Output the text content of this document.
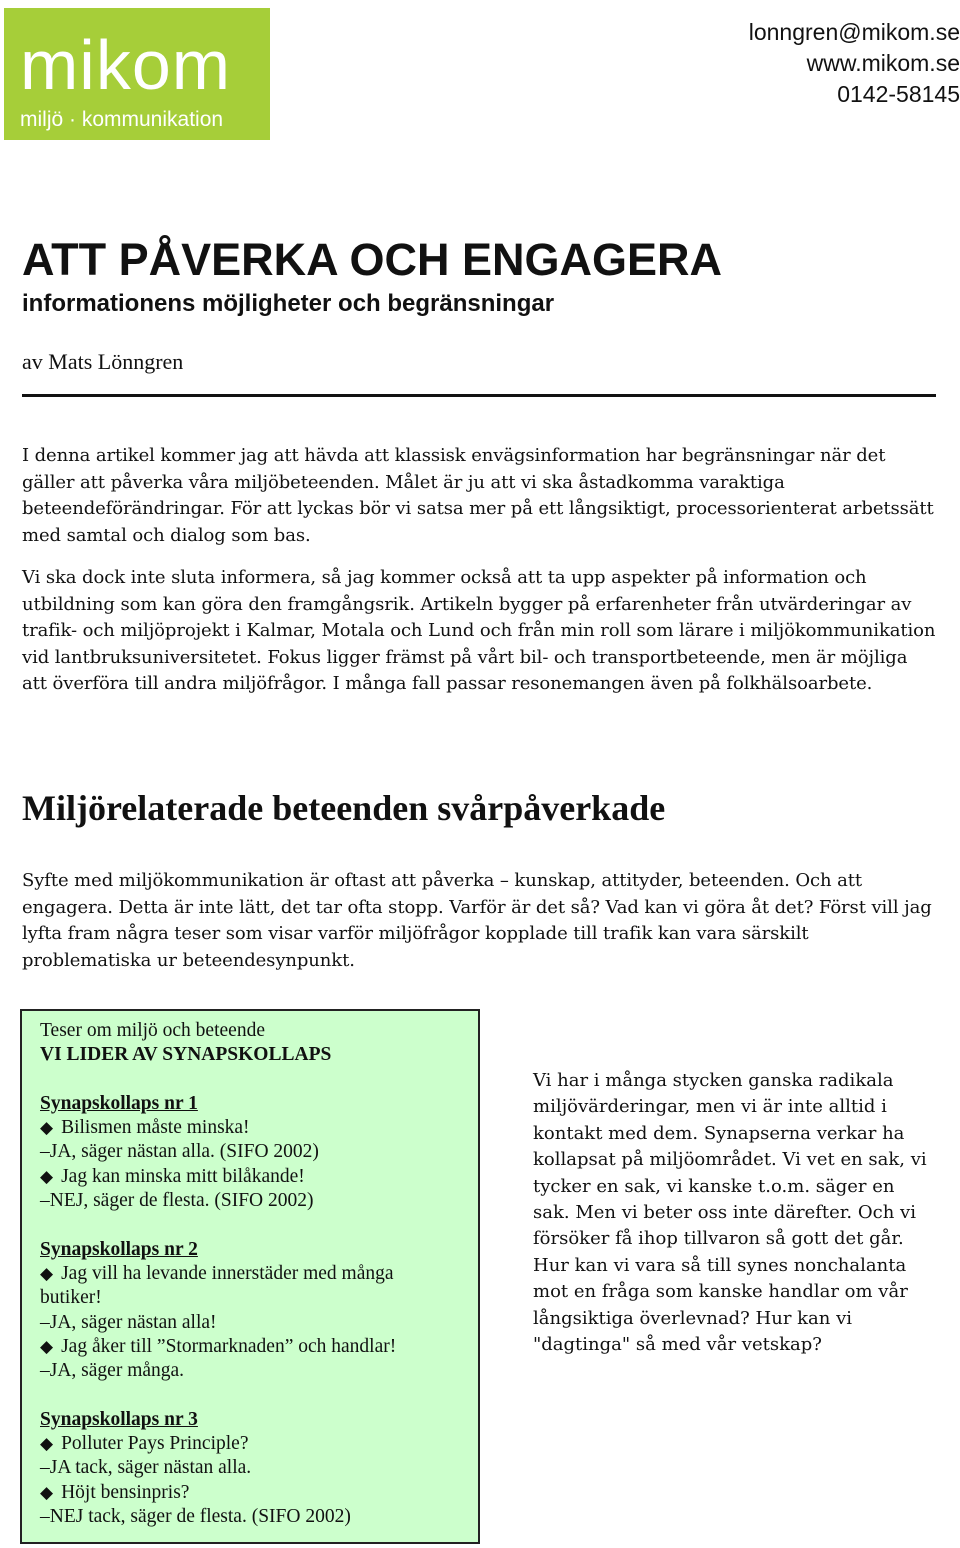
mikom
miljö · kommunikation
lonngren@mikom.se
www.mikom.se
0142-58145
ATT PÅVERKA OCH ENGAGERA
informationens möjligheter och begränsningar
av Mats Lönngren

I denna artikel kommer jag att hävda att klassisk envägsinformation har begränsningar när det gäller att påverka våra miljöbeteenden. Målet är ju att vi ska åstadkomma varaktiga beteendeförändringar. För att lyckas bör vi satsa mer på ett långsiktigt, processorienterat arbetssätt med samtal och dialog som bas.

Vi ska dock inte sluta informera, så jag kommer också att ta upp aspekter på information och utbildning som kan göra den framgångsrik. Artikeln bygger på erfarenheter från utvärderingar av trafik- och miljöprojekt i Kalmar, Motala och Lund och från min roll som lärare i miljökommunikation vid lantbruksuniversitetet. Fokus ligger främst på vårt bil- och transportbeteende, men är möjliga att överföra till andra miljöfrågor. I många fall passar resonemangen även på folkhälsoarbete.

Miljörelaterade beteenden svårpåverkade

Syfte med miljökommunikation är oftast att påverka – kunskap, attityder, beteenden. Och att engagera. Detta är inte lätt, det tar ofta stopp. Varför är det så? Vad kan vi göra åt det? Först vill jag lyfta fram några teser som visar varför miljöfrågor kopplade till trafik kan vara särskilt problematiska ur beteendesynpunkt.

Teser om miljö och beteende
VI LIDER AV SYNAPSKOLLAPS
Synapskollaps nr 1
◆ Bilismen måste minska!
–JA, säger nästan alla. (SIFO 2002)
◆ Jag kan minska mitt bilåkande!
–NEJ, säger de flesta. (SIFO 2002)
Synapskollaps nr 2
◆ Jag vill ha levande innerstäder med många
butiker!
–JA, säger nästan alla!
◆ Jag åker till ”Stormarknaden” och handlar!
–JA, säger många.
Synapskollaps nr 3
◆ Polluter Pays Principle?
–JA tack, säger nästan alla.
◆ Höjt bensinpris?
–NEJ tack, säger de flesta. (SIFO 2002)

Vi har i många stycken ganska radikala miljövärderingar, men vi är inte alltid i kontakt med dem. Synapserna verkar ha kollapsat på miljöområdet. Vi vet en sak, vi tycker en sak, vi kanske t.o.m. säger en sak. Men vi beter oss inte därefter. Och vi försöker få ihop tillvaron så gott det går. Hur kan vi vara så till synes nonchalanta mot en fråga som kanske handlar om vår långsiktiga överlevnad? Hur kan vi "dagtinga" så med vår vetskap?
